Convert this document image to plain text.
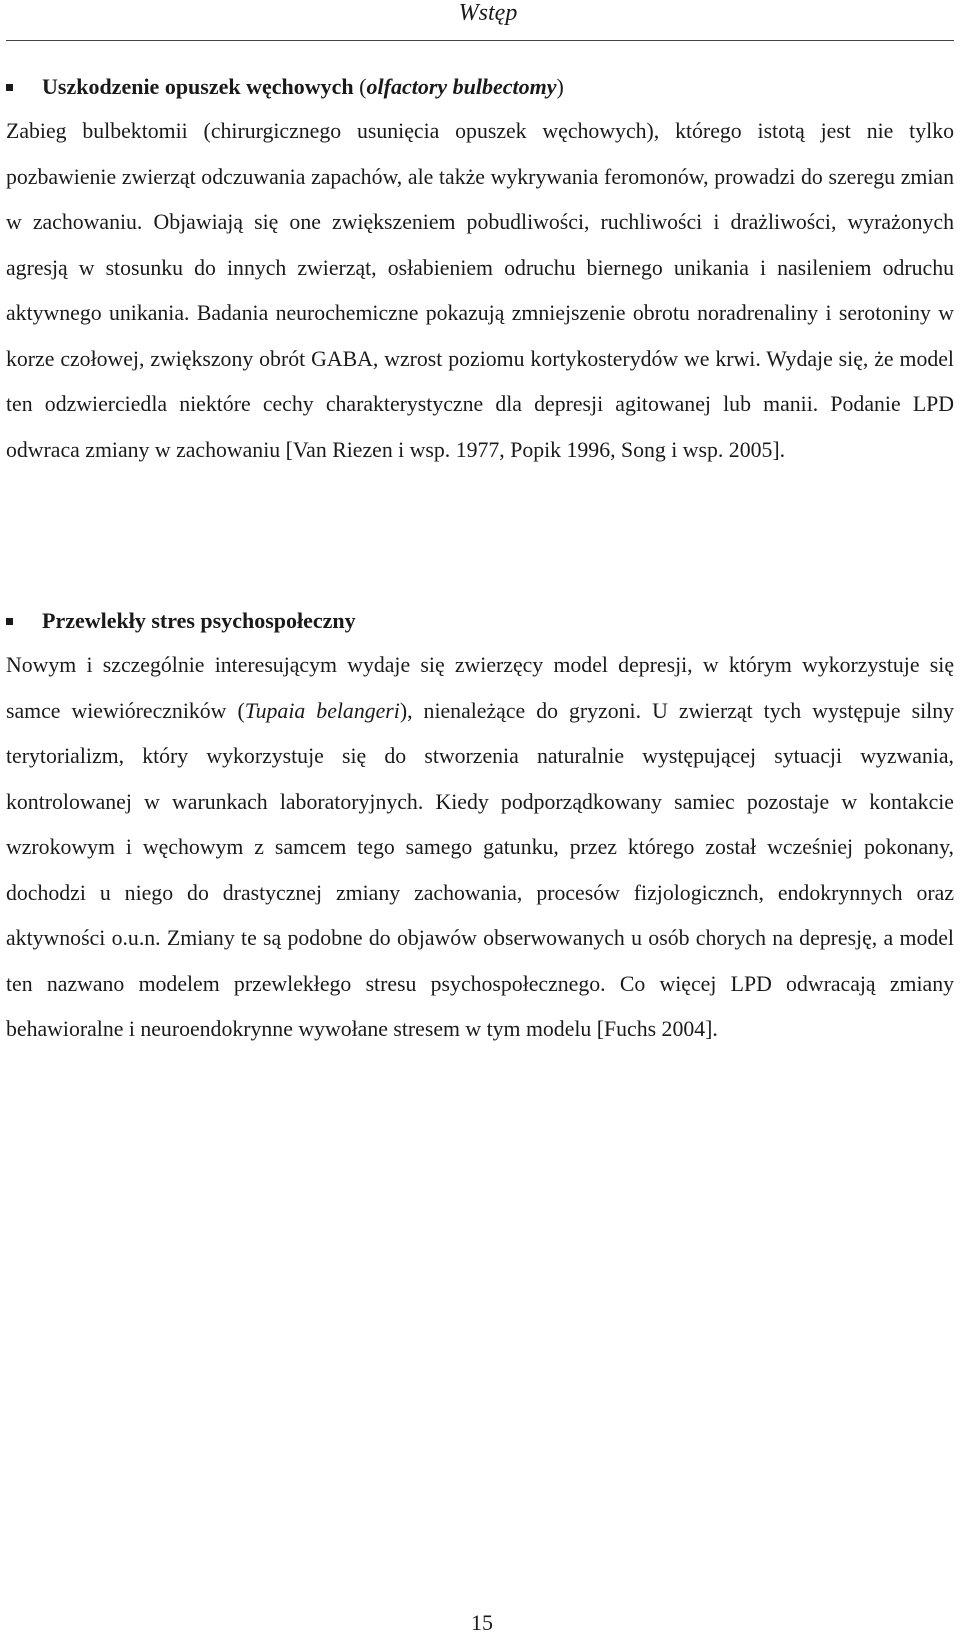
Wstęp
Uszkodzenie opuszek węchowych (olfactory bulbectomy)

Zabieg bulbektomii (chirurgicznego usunięcia opuszek węchowych), którego istotą jest nie tylko pozbawienie zwierząt odczuwania zapachów, ale także wykrywania feromonów, prowadzi do szeregu zmian w zachowaniu. Objawiają się one zwiększeniem pobudliwości, ruchliwości i drażliwości, wyrażonych agresją w stosunku do innych zwierząt, osłabieniem odruchu biernego unikania i nasileniem odruchu aktywnego unikania. Badania neurochemiczne pokazują zmniejszenie obrotu noradrenaliny i serotoniny w korze czołowej, zwiększony obrót GABA, wzrost poziomu kortykosterydów we krwi. Wydaje się, że model ten odzwierciedla niektóre cechy charakterystyczne dla depresji agitowanej lub manii. Podanie LPD odwraca zmiany w zachowaniu [Van Riezen i wsp. 1977, Popik 1996, Song i wsp. 2005].

Przewlekły stres psychospołeczny

Nowym i szczególnie interesującym wydaje się zwierzęcy model depresji, w którym wykorzystuje się samce wiewióreczników (Tupaia belangeri), nienależące do gryzoni. U zwierząt tych występuje silny terytorializm, który wykorzystuje się do stworzenia naturalnie występującej sytuacji wyzwania, kontrolowanej w warunkach laboratoryjnych. Kiedy podporządkowany samiec pozostaje w kontakcie wzrokowym i węchowym z samcem tego samego gatunku, przez którego został wcześniej pokonany, dochodzi u niego do drastycznej zmiany zachowania, procesów fizjologicznch, endokrynnych oraz aktywności o.u.n. Zmiany te są podobne do objawów obserwowanych u osób chorych na depresję, a model ten nazwano modelem przewlekłego stresu psychospołecznego. Co więcej LPD odwracają zmiany behawioralne i neuroendokrynne wywołane stresem w tym modelu [Fuchs 2004].

15
